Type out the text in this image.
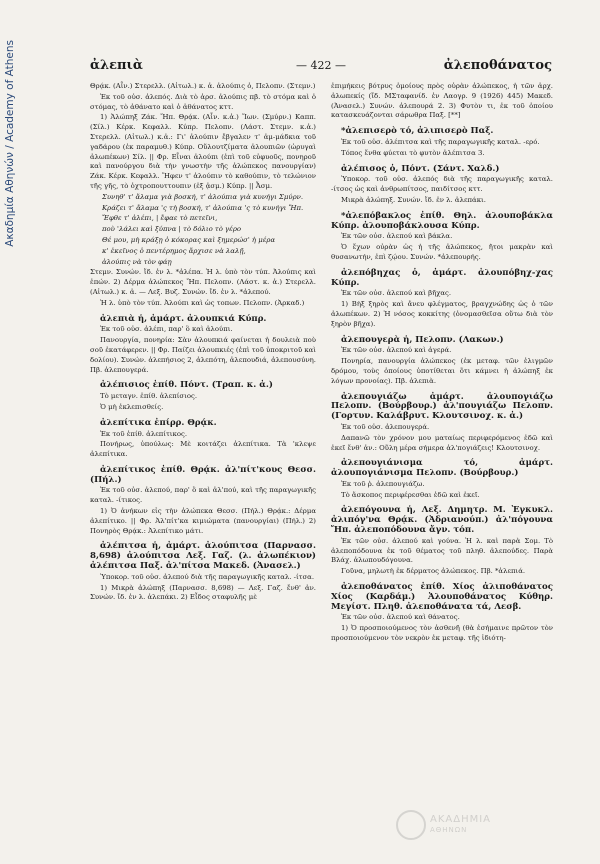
Ακαδημία Αθηνών / Academy of Athens	ἀλεπιὰ	— 422 —	ἀλεποθάνατος

Θρᾴκ. (Αἶν.) Στερελλ. (Αἰτωλ.) κ. ἀ. ἀλούπις ὁ, Πελοπν. (Στεμν.)

Ἐκ τοῦ οὐσ. ἀλεπός. Διὰ τὸ ἀρσ. ἀλούπις πβ. τὸ στόμα καὶ ὁ στόμας, τὸ ἀθάνατο καὶ ὁ ἀθάνατος κττ.

1) Ἀλώπηξ Ζάκ. Ἤπ. Θρᾴκ. (Αἶν. κ.ἀ.) Ἴων. (Σμύρν.) Καππ. (Σίλ.) Κέρκ. Κεφαλλ. Κύπρ. Πελοπν. (Λάστ. Στεμν. κ.ἀ.) Στερελλ. (Αἰτωλ.) κ.ἀ.: Γι' ἀλούπιν ἔβγαλεν τ' ἀμ-μάδκια τοῦ γαδάρου (ἐκ παραμυθ.) Κύπρ. Οὔλουτζίματα ἀλουπιῶν (ὠρυγαὶ ἀλωπέκων) Σίλ. || Φρ. Εἶναι ἀλούπι (ἐπὶ τοῦ εὐφυοῦς, πονηροῦ καὶ πανούργου διὰ τὴν γνωστὴν τῆς ἀλώπεκος πανουργίαν) Ζάκ. Κέρκ. Κεφαλλ. Ἤφεν τ' ἀλούπιν τὸ καθούπιν, τὸ τελώνιον τῆς γῆς, τὸ ὀχτροπουττουπιν (ἐξ ᾀσμ.) Κύπρ. || Ἆσμ.

Συνηθ' τ' ἄλαμα γιὰ βοσκή, τ' ἀλούπια γιὰ κυνήγι Σμύρν.

Κράζει τ' ἄλαμα 'ς τὴ βοσκή, τ' ἀλούπια 'ς τὸ κυνήγι Ἤπ.

Ἔφθε τ' ἀλέπι, | ἔφαε τὸ πετεῖνι,

ποὺ 'λάλει καὶ ξύπνα | τὸ δόλιο τὸ γέρο

Θέ μου, μὴ κράξῃ ὁ κόκορας καὶ ξημερώσ' ἡ μέρα

κ' ἐκεῖνος ὁ πεντέρημος ἄρχισε νὰ λαλῇ,

ἀλούπις νὰ τὸν φάῃ

Στεμν. Συνών. ἴδ. ἐν λ. *ἀλέπα. Ἡ λ. ὑπὸ τὸν τύπ. Ἀλούπις καὶ ἐπών. 2) Δέρμα ἀλώπεκος Ἤπ. Πελοπν. (Λάστ. κ. ἀ.) Στερελλ. (Αἰτωλ.) κ. ἀ. — Λεξ. Βυζ. Συνών. ἴδ. ἐν λ. *ἀλεπού.

Ἡ λ. ὑπὸ τὸν τύπ. Ἀλούπι καὶ ὡς τοπων. Πελοπν. (Ἀρκαδ.)

ἀλεπιὰ ἡ, ἀμάρτ. ἀλουπκιά Κύπρ.

Ἐκ τοῦ οὐσ. ἀλέπι, παρ' ὃ καὶ ἀλούπι.

Πανουργία, πονηρία: Σὰν ἀλουπκιά φαίνεται ἡ δουλειὰ ποὺ σοῦ ἐκατάφερεν. || Φρ. Παίζει ἀλουπκιές (ἐπὶ τοῦ ὑποκριτοῦ καὶ δολίου). Συνών. ἀλεπήσιος 2, ἀλεπότη, ἀλεπουδιά, ἀλεπουσύνη. Πβ. ἀλεπουγερά.

ἀλέπισιος ἐπίθ. Πόντ. (Τραπ. κ. ἀ.)

Τὸ μεταγν. ἐπίθ. ἀλεπίσιος.

Ὁ μὴ ἐκλεπισθείς.

ἀλεπίτικα ἐπίρρ. Θρᾴκ.

Ἐκ τοῦ ἐπίθ. ἀλεπίτικος.

Πονήρως, ὑπούλως: Μὲ κοιτάζει ἀλεπίτικα. Τὰ 'κλεψε ἀλεπίτικα.

ἀλεπίτικος ἐπίθ. Θρᾴκ. ἀλ'πίτ'κους Θεσσ. (Πήλ.)

Ἐκ τοῦ οὐσ. ἀλεπού, παρ' ὃ καὶ ἀλ'πού, καὶ τῆς παραγωγικῆς καταλ. -ίτικος.

1) Ὁ ἀνήκων εἰς τὴν ἀλώπεκα Θεσσ. (Πήλ.) Θρᾴκ.: Δέρμα ἀλεπίτικο. || Φρ. Ἀλ'πίτ'κα κιμιώματα (πανουργίαι) (Πήλ.) 2) Πονηρὸς Θρᾴκ.: Ἀλεπίτικο μάτι.

ἀλέπιτσα ἡ, ἀμάρτ. ἀλούπιτσα (Παρνασσ. 8,698) ἀλούπιτσα Λεξ. Γαζ. (λ. ἀλωπέκιον) ἀλέπιτσα Παξ. ἀλ'πίτσα Μακεδ. (Ἀνασελ.)

Ὑποκορ. τοῦ οὐσ. ἀλεπού διὰ τῆς παραγωγικῆς καταλ. -ίτσα.

1) Μικρὰ ἀλώπηξ (Παρνασσ. 8,698) — Λεξ. Γαζ. ἔνθ' ἀν. Συνών. ἴδ. ἐν λ. ἀλεπάκι. 2) Εἶδος σταφυλῆς μὲ

ἐπιμήκεις βότρυς ὁμοίους πρὸς οὐρὰν ἀλώπεκος, ἡ τῶν ἀρχ. ἀλωπεκίς (ἴδ. ΜΣταφανίδ. ἐν Λαογρ. 9 (1926) 445) Μακεδ. (Ἀνασελ.) Συνών. ἀλεπουρά 2. 3) Φυτὸν τι, ἐκ τοῦ ὁποίου κατασκευάζονται σάρωθρα Παξ. [**]

*ἀλεπισερὸ τό, ἀλιπισερὸ Παξ.

Ἐκ τοῦ οὐσ. ἀλέπιτσα καὶ τῆς παραγωγικῆς καταλ. -ερό.

Τόπος ἔνθα φύεται τὸ φυτὸν ἀλέπιτσα 3.

ἀλέπισος ὁ, Πόντ. (Σάντ. Χαλδ.)

Ὑποκορ. τοῦ οὐσ. ἀλεπός διὰ τῆς παραγωγικῆς καταλ. -ίτσος ὡς καὶ ἀνθρωπίτσος, παιδίτσος κττ.

Μικρὰ ἀλώπηξ. Συνών. ἴδ. ἐν λ. ἀλεπάκι.

*ἀλεπόβακλος ἐπίθ. Θηλ. ἀλουποβάκλα Κύπρ. ἀλουποβάκλουσα Κύπρ.

Ἐκ τῶν οὐσ. ἀλεπού καὶ βάκλα.

Ὁ ἔχων οὐρὰν ὡς ἡ τῆς ἀλώπεκος, ἤτοι μακρὰν καὶ θυσανωτήν, ἐπὶ ζῴου. Συνών. *ἀλεπουρής.

ἀλεπόβηχας ὁ, ἀμάρτ. ἀλουπόβηχ-χας Κύπρ.

Ἐκ τῶν οὐσ. ἀλεπού καὶ βῆχας.

1) Βὴξ ξηρὸς καὶ ἄνευ φλέγματος, βραγχνώδης ὡς ὁ τῶν ἀλωπέκων. 2) Ἡ νόσος κοκκίτης (ὀνομασθεῖσα οὕτω διὰ τὸν ξηρὸν βῆχα).

ἀλεπουγερὰ ἡ, Πελοπν. (Λακων.)

Ἐκ τῶν οὐσ. ἀλεπού καὶ ἀγερά.

Πονηρία, πανουργία ἀλώπεκος (ἐκ μεταφ. τῶν ἑλιγμῶν δρόμου, τοὺς ὁποίους ὑποτίθεται ὅτι κάμνει ἡ ἀλώπηξ ἐκ λόγων προνοίας). Πβ. ἀλεπιὰ.

ἀλεπουγιάζω ἀμάρτ. ἀλουπογιάζω Πελοπν. (Βούρβουρ.) ἀλ'πουγιάζω Πελοπν. (Γορτυν. Καλάβρυτ. Κλουτσινοχ. κ. ἀ.)

Ἐκ τοῦ οὐσ. ἀλεπουγερά.

Δαπανῶ τὸν χρόνον μου ματαίως περιφερόμενος ἐδῶ καὶ ἐκεῖ ἔνθ' ἀν.: Οὕλη μέρα σήμερα ἀλ'πογιάζεις! Κλουτσινοχ.

ἀλεπουγιάνισμα τό, ἀμάρτ. ἀλουπογιάνισμα Πελοπν. (Βούρβουρ.)

Ἐκ τοῦ ῥ. ἀλεπουγιάζω.

Τὸ ἄσκοπος περιφέρεσθαι ἐδῶ καὶ ἐκεῖ.

ἀλεπόγουνα ἡ, Λεξ. Δημητρ. Μ. Ἐγκυκλ. ἀλιπόγ'να Θρᾴκ. (Ἀδριανούπ.) ἀλ'πόγουνα Ἤπ. ἀλεποπόδουνα ἄγν. τόπ.

Ἐκ τῶν οὐσ. ἀλεπού καὶ γούνα. Ἡ λ. καὶ παρὰ Σομ. Τὸ ἀλεποπόδουνα ἐκ τοῦ θέματος τοῦ πληθ. ἀλεπούδες. Παρὰ Βλάχ. ἀλωπουδόγουνα.

Γοῦνα, μηλωτὴ ἐκ δέρματος ἀλώπεκος. Πβ. *ἀλεπιά.

ἀλεποθάνατος ἐπίθ. Χίος ἀλιποθάνατος Χίος (Καρδάμ.) Ἀλουποθάνατος Κύθηρ. Μεγίστ. Πληθ. ἀλεποθάνατα τά, Λεσβ.

Ἐκ τῶν οὐσ. ἀλεπού καὶ θάνατος.

1) Ὁ προσποιούμενος τὸν ἀσθενῆ (θὰ ἐσήμαινε πρῶτον τὸν προσποιούμενον τὸν νεκρὸν ἐκ μεταφ. τῆς ἰδιότη-

ΑΚΑΔΗΜΙΑ
ΑΘΗΝΩΝ
